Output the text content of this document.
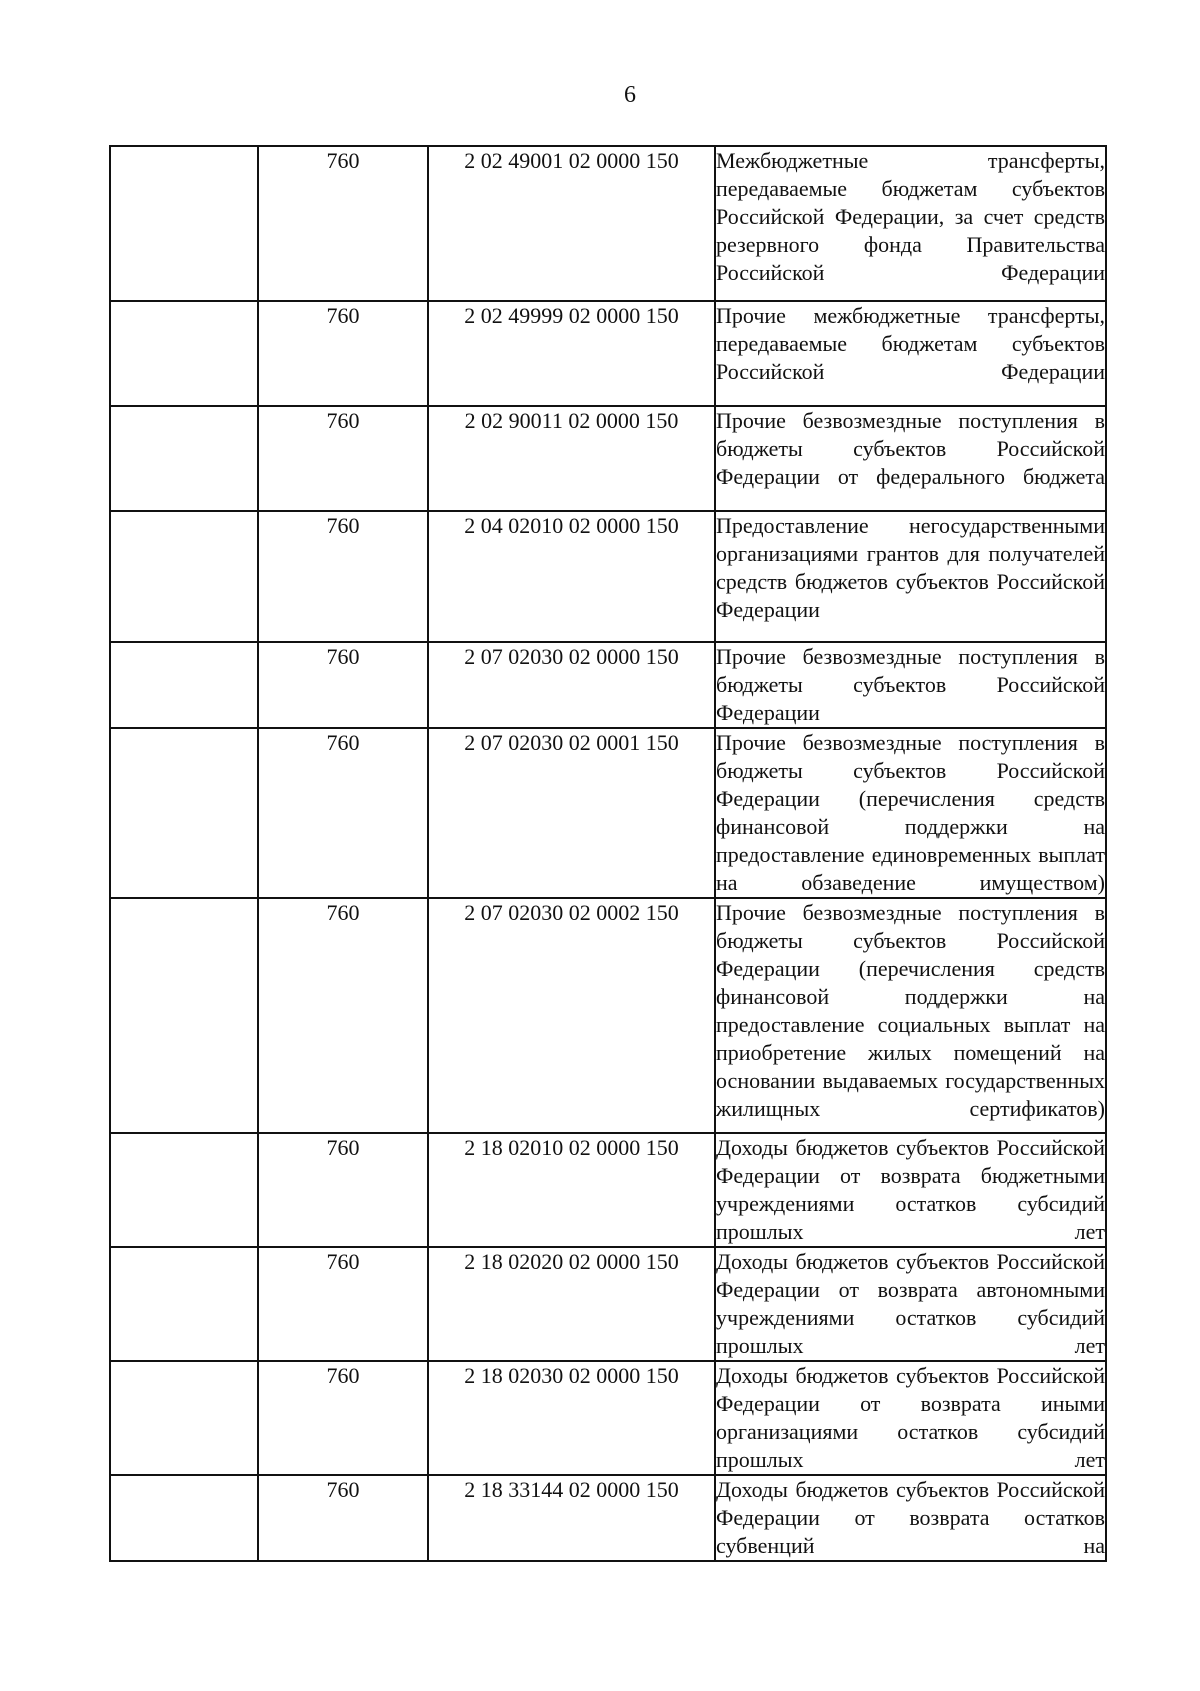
6
	760	2 02 49001 02 0000 150	Межбюджетные трансферты, передаваемые бюджетам субъектов Российской Федерации, за счет средств резервного фонда Правительства Российской Федерации
	760	2 02 49999 02 0000 150	Прочие межбюджетные трансферты, передаваемые бюджетам субъектов Российской Федерации
	760	2 02 90011 02 0000 150	Прочие безвозмездные поступления в бюджеты субъектов Российской Федерации от федерального бюджета
	760	2 04 02010 02 0000 150	Предоставление негосударственными организациями грантов для получателей средств бюджетов субъектов Российской Федерации
	760	2 07 02030 02 0000 150	Прочие безвозмездные поступления в бюджеты субъектов Российской Федерации
	760	2 07 02030 02 0001 150	Прочие безвозмездные поступления в бюджеты субъектов Российской Федерации (перечисления средств финансовой поддержки на предоставление единовременных выплат на обзаведение имуществом)
	760	2 07 02030 02 0002 150	Прочие безвозмездные поступления в бюджеты субъектов Российской Федерации (перечисления средств финансовой поддержки на предоставление социальных выплат на приобретение жилых помещений на основании выдаваемых государственных жилищных сертификатов)
	760	2 18 02010 02 0000 150	Доходы бюджетов субъектов Российской Федерации от возврата бюджетными учреждениями остатков субсидий прошлых лет
	760	2 18 02020 02 0000 150	Доходы бюджетов субъектов Российской Федерации от возврата автономными учреждениями остатков субсидий прошлых лет
	760	2 18 02030 02 0000 150	Доходы бюджетов субъектов Российской Федерации от возврата иными организациями остатков субсидий прошлых лет
	760	2 18 33144 02 0000 150	Доходы бюджетов субъектов Российской Федерации от возврата остатков субвенций на
